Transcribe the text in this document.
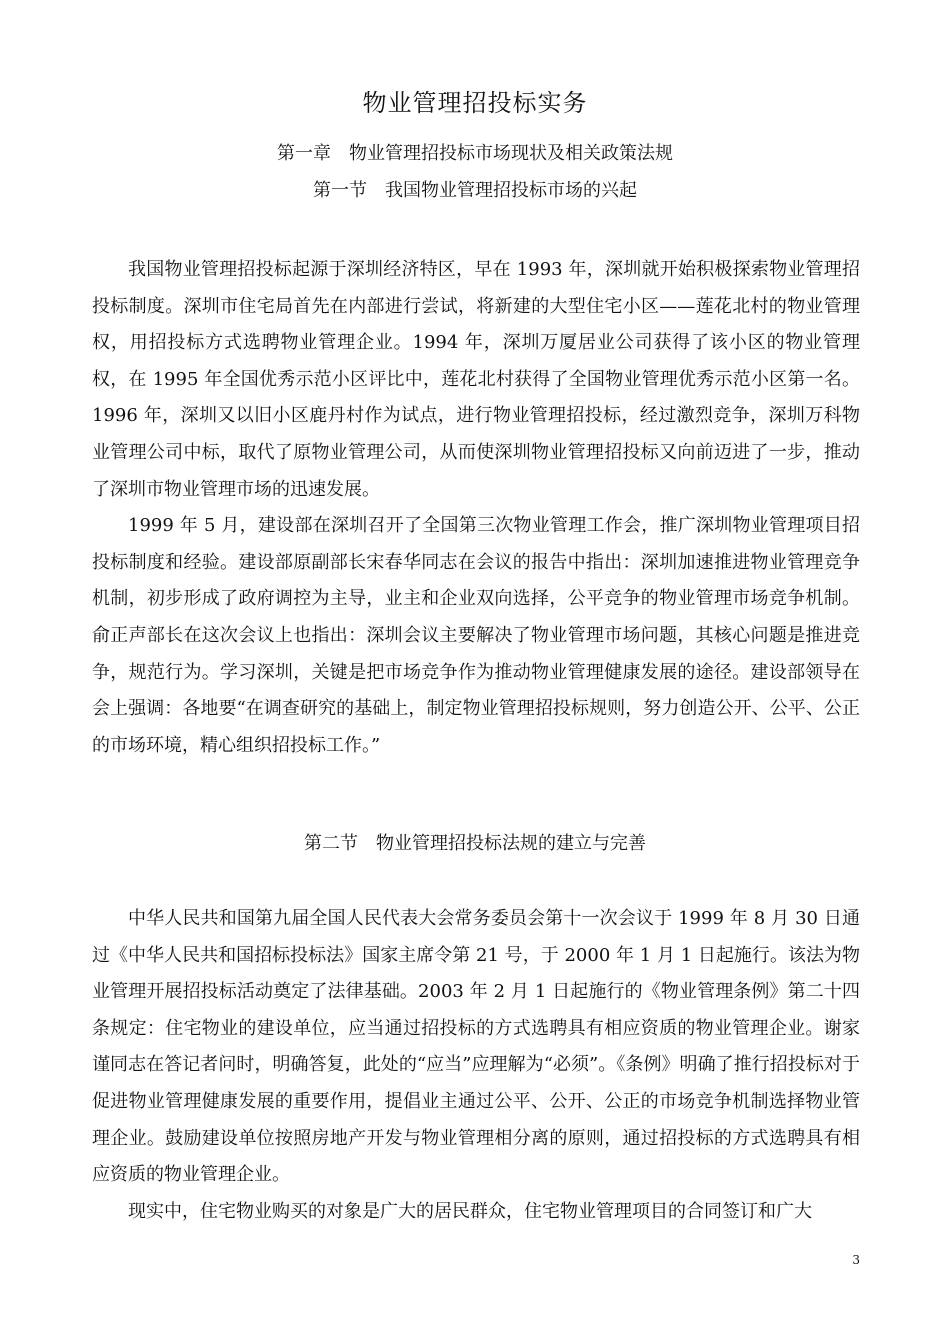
物业管理招投标实务
第一章　物业管理招投标市场现状及相关政策法规
第一节　我国物业管理招投标市场的兴起

我国物业管理招投标起源于深圳经济特区，早在 1993 年，深圳就开始积极探索物业管理招投标制度。深圳市住宅局首先在内部进行尝试，将新建的大型住宅小区——莲花北村的物业管理权，用招投标方式选聘物业管理企业。1994 年，深圳万厦居业公司获得了该小区的物业管理权，在 1995 年全国优秀示范小区评比中，莲花北村获得了全国物业管理优秀示范小区第一名。1996 年，深圳又以旧小区鹿丹村作为试点，进行物业管理招投标，经过激烈竞争，深圳万科物业管理公司中标，取代了原物业管理公司，从而使深圳物业管理招投标又向前迈进了一步，推动了深圳市物业管理市场的迅速发展。

1999 年 5 月，建设部在深圳召开了全国第三次物业管理工作会，推广深圳物业管理项目招投标制度和经验。建设部原副部长宋春华同志在会议的报告中指出：深圳加速推进物业管理竞争机制，初步形成了政府调控为主导，业主和企业双向选择，公平竞争的物业管理市场竞争机制。俞正声部长在这次会议上也指出：深圳会议主要解决了物业管理市场问题，其核心问题是推进竞争，规范行为。学习深圳，关键是把市场竞争作为推动物业管理健康发展的途径。建设部领导在会上强调：各地要“在调查研究的基础上，制定物业管理招投标规则，努力创造公开、公平、公正的市场环境，精心组织招投标工作。”

第二节　物业管理招投标法规的建立与完善

中华人民共和国第九届全国人民代表大会常务委员会第十一次会议于 1999 年 8 月 30 日通过《中华人民共和国招标投标法》国家主席令第 21 号，于 2000 年 1 月 1 日起施行。该法为物业管理开展招投标活动奠定了法律基础。2003 年 2 月 1 日起施行的《物业管理条例》第二十四条规定：住宅物业的建设单位，应当通过招投标的方式选聘具有相应资质的物业管理企业。谢家谨同志在答记者问时，明确答复，此处的“应当”应理解为“必须”。《条例》明确了推行招投标对于促进物业管理健康发展的重要作用，提倡业主通过公平、公开、公正的市场竞争机制选择物业管理企业。鼓励建设单位按照房地产开发与物业管理相分离的原则，通过招投标的方式选聘具有相应资质的物业管理企业。

现实中，住宅物业购买的对象是广大的居民群众，住宅物业管理项目的合同签订和广大

3
